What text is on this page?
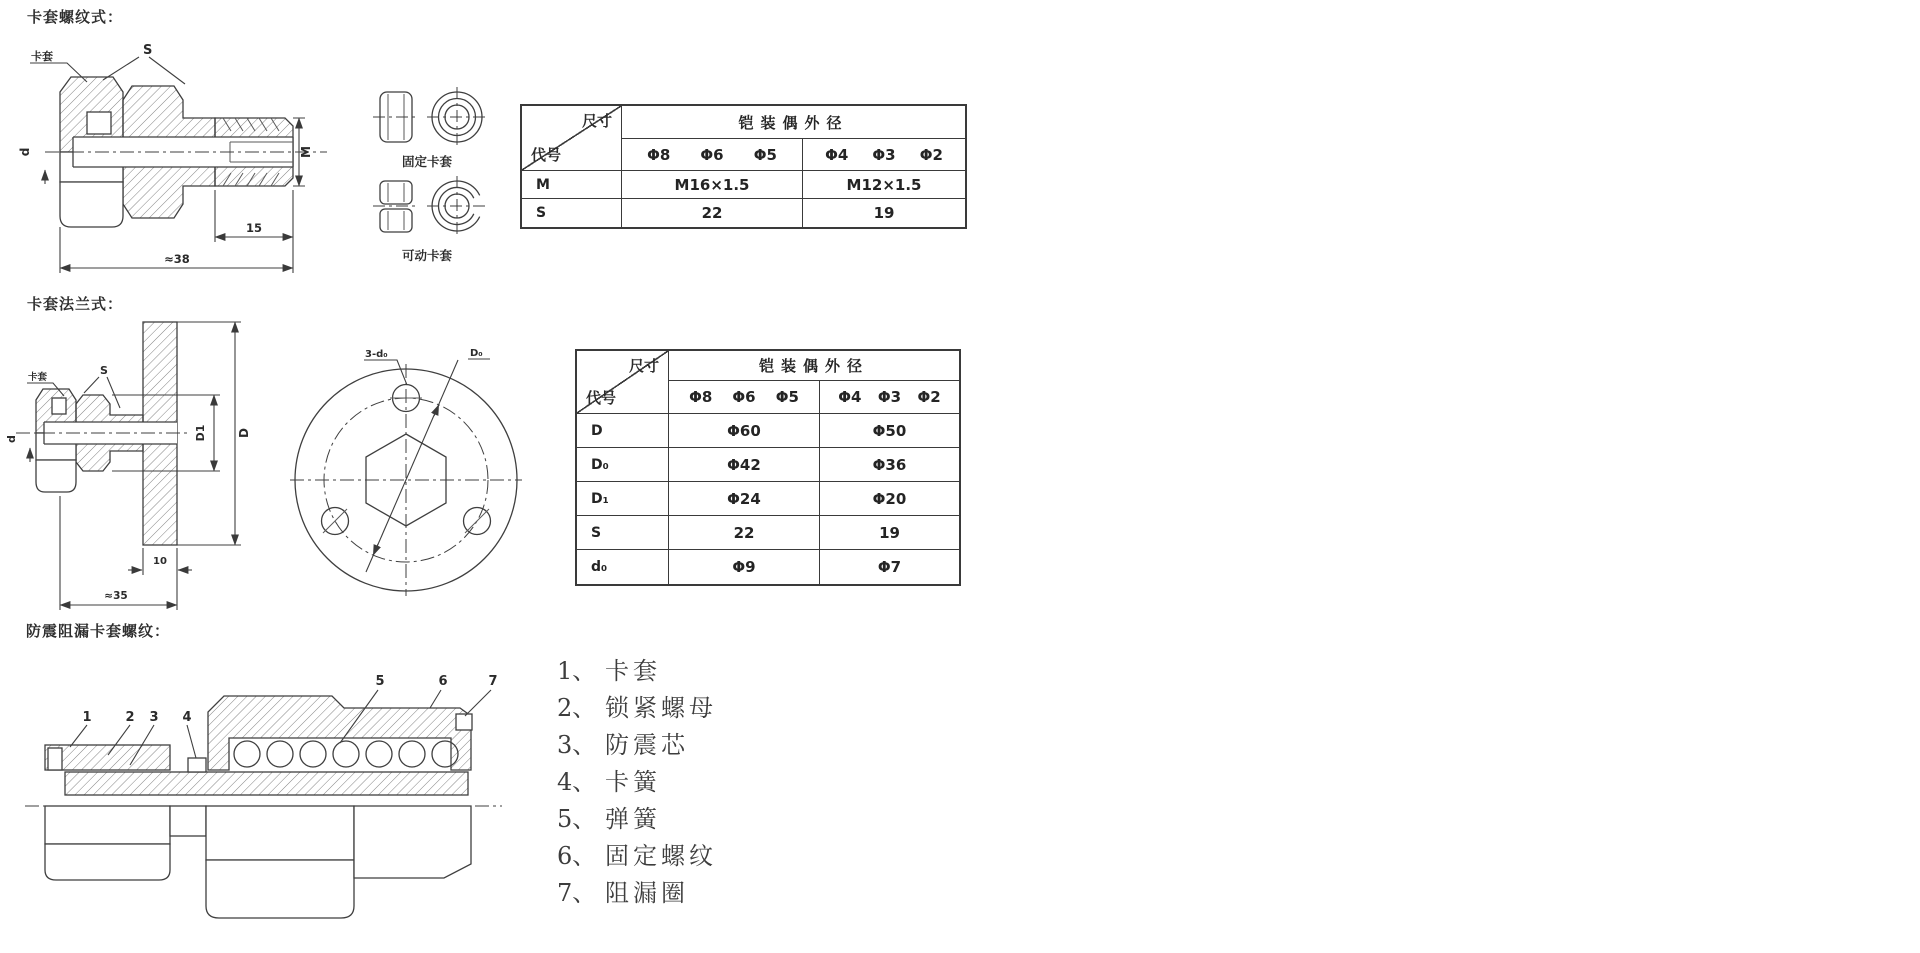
卡套螺纹式：
卡套	S
d	M
15
≈38
固定卡套
可动卡套
尺寸
代号
铠装偶外径
Φ8 Φ6 Φ5	Φ4 Φ3 Φ2
M	M16×1.5	M12×1.5
S	22	19
卡套法兰式：
卡套
S
d	D1	D
10
≈35
3-d₀	D₀
尺寸
代号
铠装偶外径
Φ8 Φ6 Φ5	Φ4 Φ3 Φ2
D	Φ60	Φ50
D₀	Φ42	Φ36
D₁	Φ24	Φ20
S	22	19
d₀	Φ9	Φ7
防震阻漏卡套螺纹：
1	2 3 4
5	6	7 1、 卡套
2、 锁紧螺母
3、 防震芯
4、 卡簧
5、 弹簧
6、 固定螺纹
7、 阻漏圈
